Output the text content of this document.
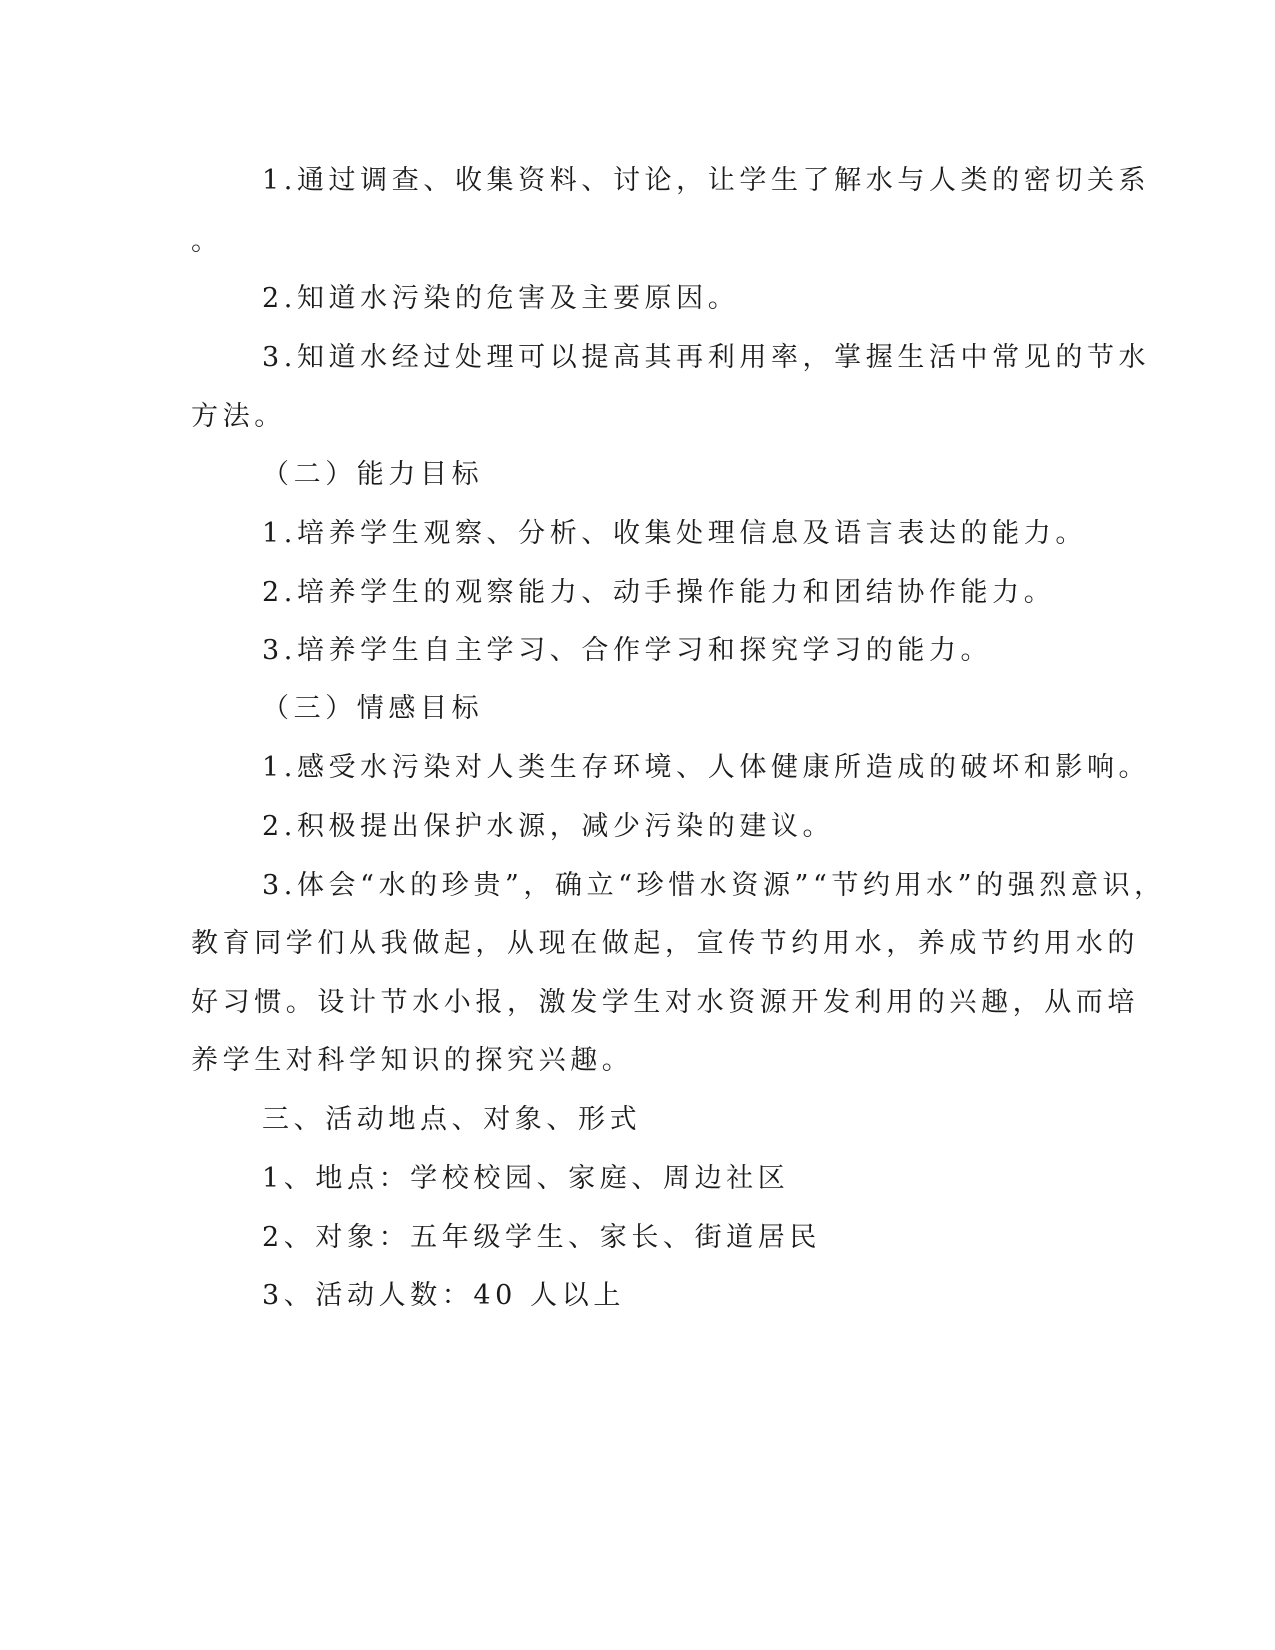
1.通过调查、收集资料、讨论，让学生了解水与人类的密切关系
。
2.知道水污染的危害及主要原因。
3.知道水经过处理可以提高其再利用率，掌握生活中常见的节水
方法。
（二）能力目标
1.培养学生观察、分析、收集处理信息及语言表达的能力。
2.培养学生的观察能力、动手操作能力和团结协作能力。
3.培养学生自主学习、合作学习和探究学习的能力。
（三）情感目标
1.感受水污染对人类生存环境、人体健康所造成的破坏和影响。
2.积极提出保护水源，减少污染的建议。
3.体会“水的珍贵”，确立“珍惜水资源”“节约用水”的强烈意识，
教育同学们从我做起，从现在做起，宣传节约用水，养成节约用水的
好习惯。设计节水小报，激发学生对水资源开发利用的兴趣，从而培
养学生对科学知识的探究兴趣。
三、活动地点、对象、形式
1、地点：学校校园、家庭、周边社区
2、对象：五年级学生、家长、街道居民
3、活动人数：40 人以上
